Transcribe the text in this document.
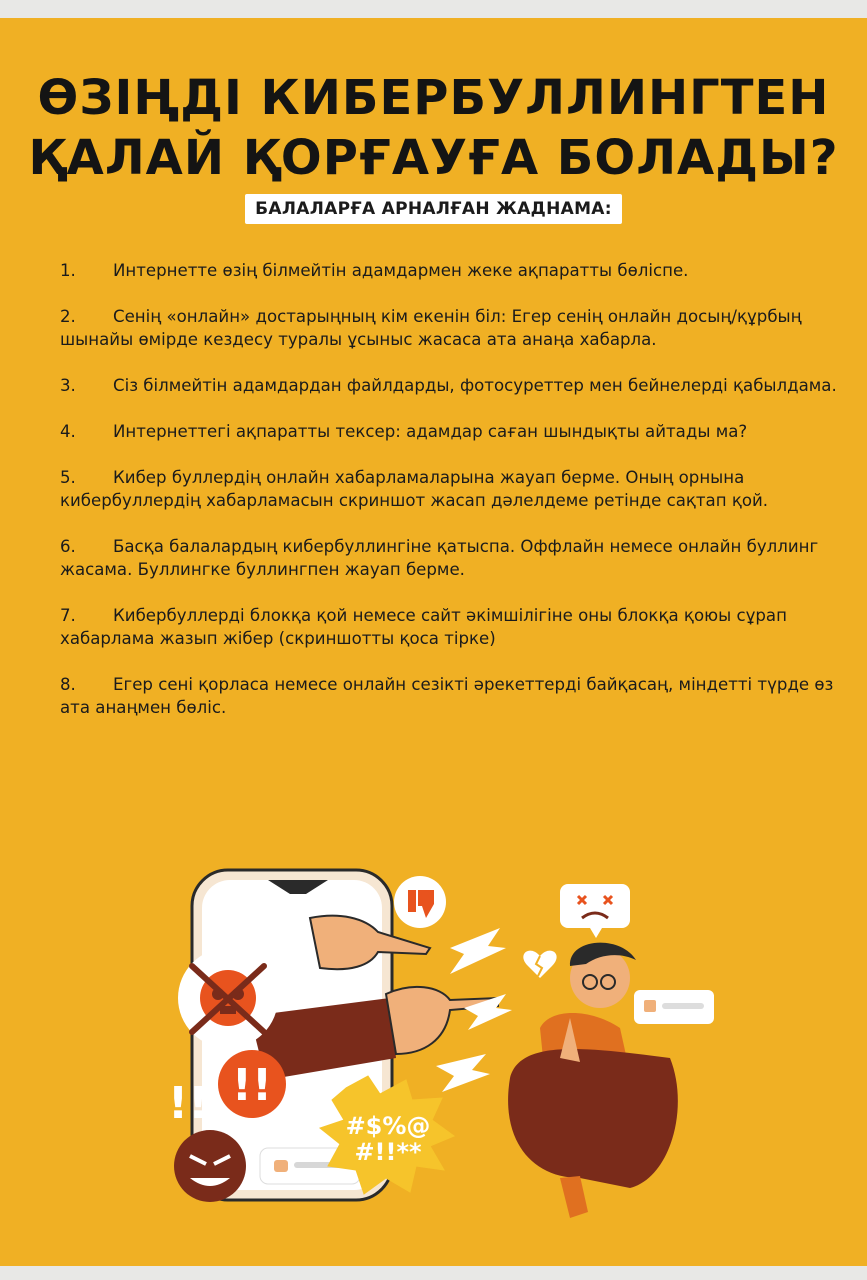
ӨЗІҢДІ КИБЕРБУЛЛИНГТЕН
ҚАЛАЙ ҚОРҒАУҒА БОЛАДЫ?
БАЛАЛАРҒА АРНАЛҒАН ЖАДНАМА:
1. Интернетте өзің білмейтін адамдармен жеке ақпаратты бөліспе.
2. Сенің «онлайн» достарыңның кім екенін біл: Егер сенің онлайн досың/құрбың шынайы өмірде кездесу туралы ұсыныс жасаса ата анаңа хабарла.
3. Сіз білмейтін адамдардан файлдарды, фотосуреттер мен бейнелерді қабылдама.
4. Интернеттегі ақпаратты тексер: адамдар саған шындықты айтады ма?
5. Кибер буллердің онлайн хабарламаларына жауап берме. Оның орнына кибербуллердің хабарламасын скриншот жасап дәлелдеме ретінде сақтап қой.
6. Басқа балалардың кибербуллингіне қатыспа. Оффлайн немесе онлайн буллинг жасама. Буллингке буллингпен жауап берме.
7. Кибербуллерді блокқа қой немесе сайт әкімшілігіне оны блокқа қоюы сұрап хабарлама жазып жібер (скриншотты қоса тірке)
8. Егер сені қорласа немесе онлайн сезікті әрекеттерді байқасаң, міндетті түрде өз ата анаңмен бөліс.
!!
!!	#$%@
#!!**
